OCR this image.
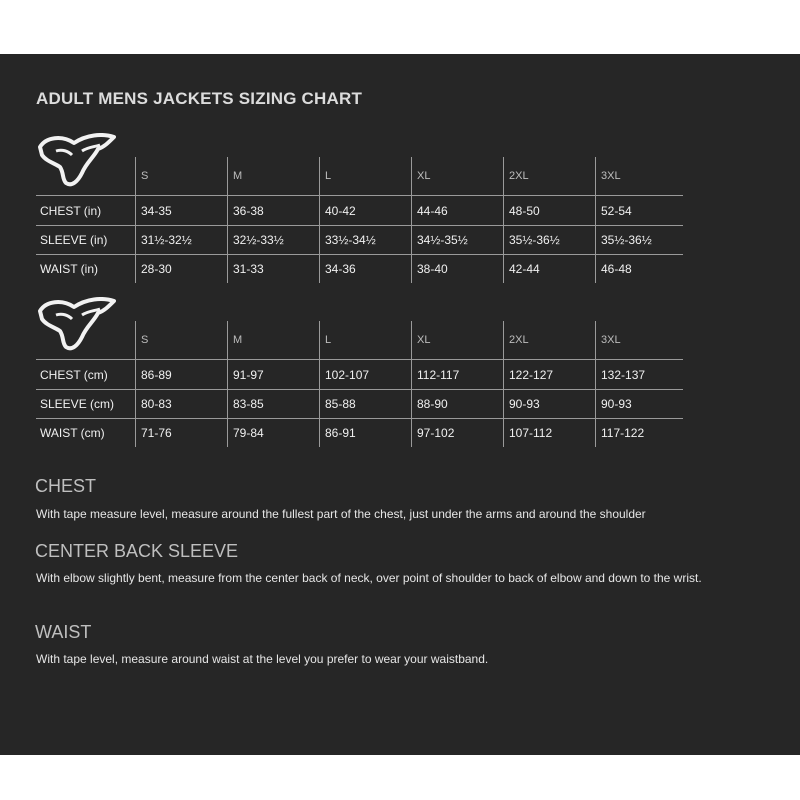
ADULT MENS JACKETS SIZING CHART
	S	M	L	XL	2XL	3XL
CHEST (in)	34-35	36-38	40-42	44-46	48-50	52-54
SLEEVE (in)	31½-32½	32½-33½	33½-34½	34½-35½	35½-36½	35½-36½
WAIST (in)	28-30	31-33	34-36	38-40	42-44	46-48
	S	M	L	XL	2XL	3XL
CHEST (cm)	86-89	91-97	102-107	112-117	122-127	132-137
SLEEVE (cm)	80-83	83-85	85-88	88-90	90-93	90-93
WAIST (cm)	71-76	79-84	86-91	97-102	107-112	117-122
CHEST

With tape measure level, measure around the fullest part of the chest, just under the arms and around the shoulder

CENTER BACK SLEEVE

With elbow slightly bent, measure from the center back of neck, over point of shoulder to back of elbow and down to the wrist.

WAIST

With tape level, measure around waist at the level you prefer to wear your waistband.
